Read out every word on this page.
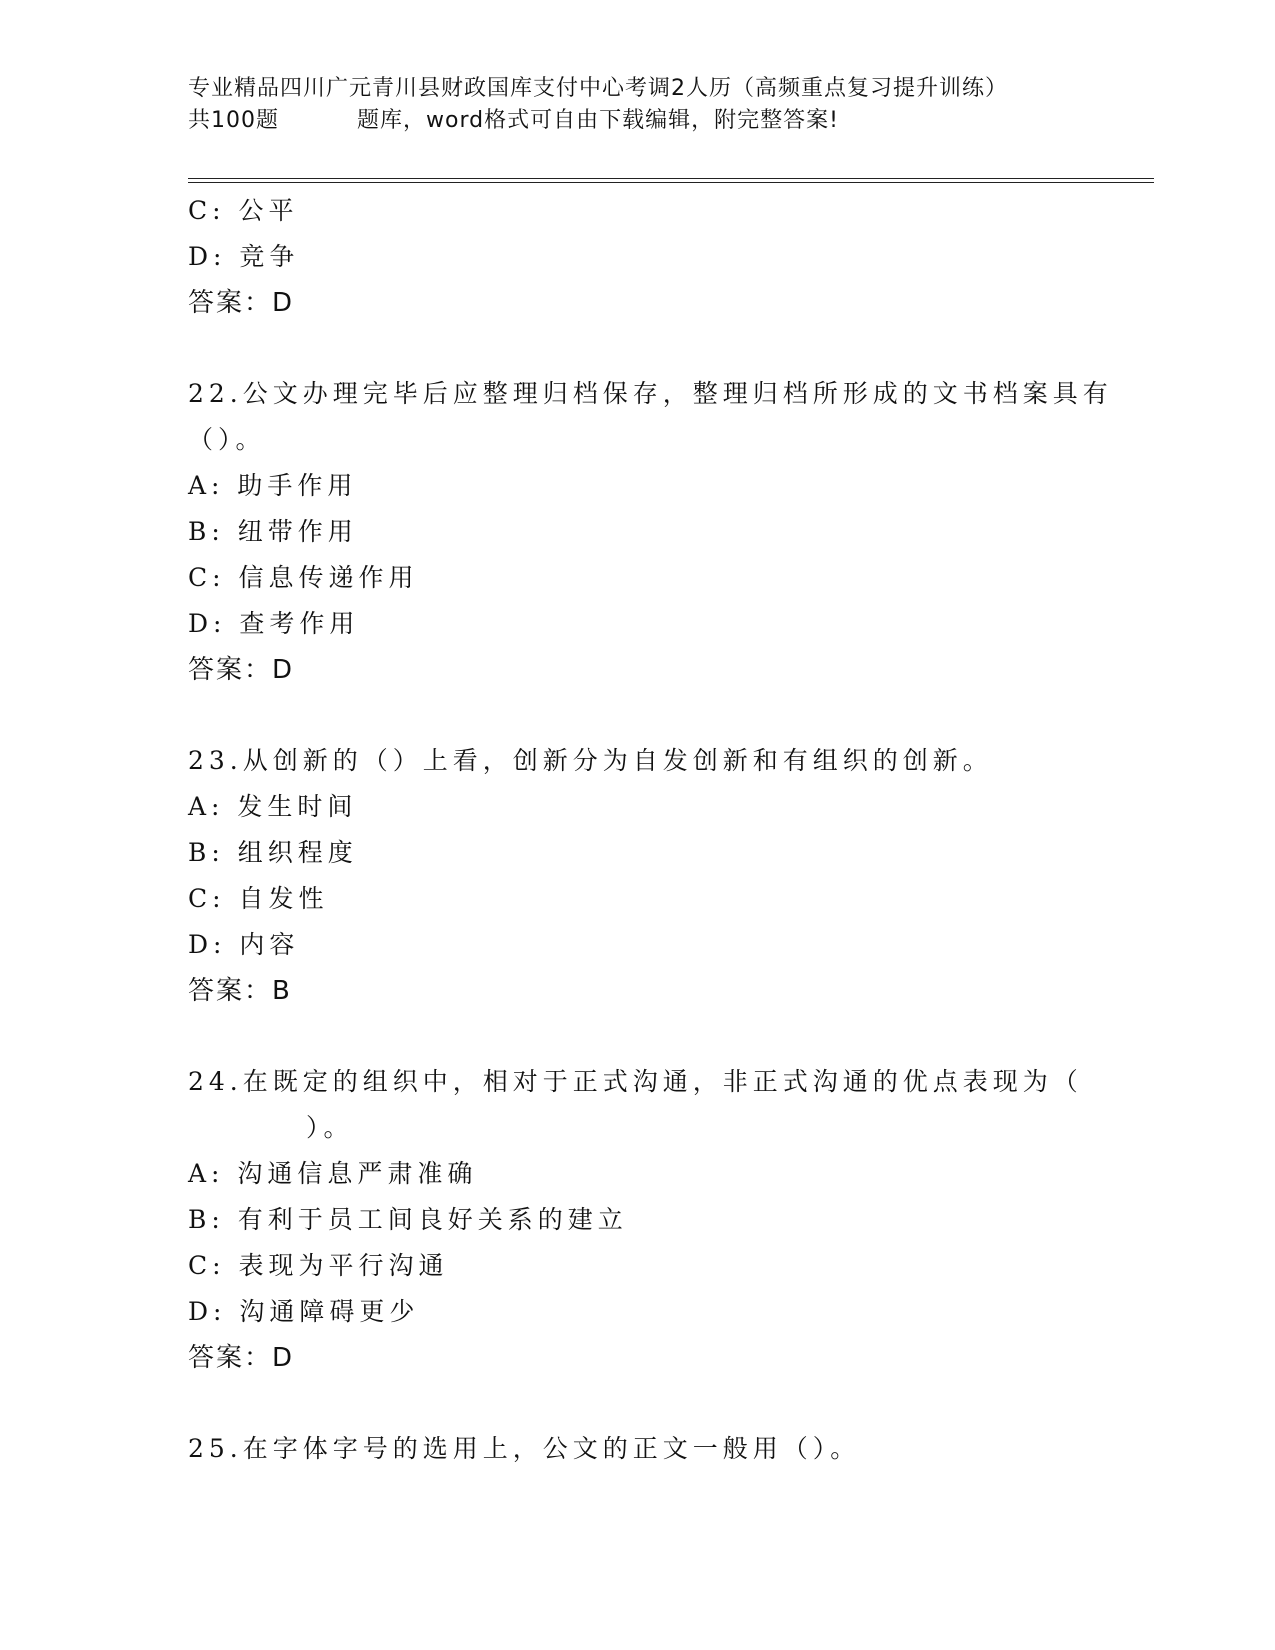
专业精品四川广元青川县财政国库支付中心考调2人历（高频重点复习提升训练）
共100题	题库，word格式可自由下载编辑，附完整答案!
C: 公平
D: 竞争
答案：D
22.公文办理完毕后应整理归档保存，整理归档所形成的文书档案具有
（）。
A: 助手作用
B: 纽带作用
C: 信息传递作用
D: 查考作用
答案：D
23.从创新的（）上看，创新分为自发创新和有组织的创新。
A: 发生时间
B: 组织程度
C: 自发性
D: 内容
答案：B
24.在既定的组织中，相对于正式沟通，非正式沟通的优点表现为（
）。
A: 沟通信息严肃准确
B: 有利于员工间良好关系的建立
C: 表现为平行沟通
D: 沟通障碍更少
答案：D
25.在字体字号的选用上，公文的正文一般用（）。
